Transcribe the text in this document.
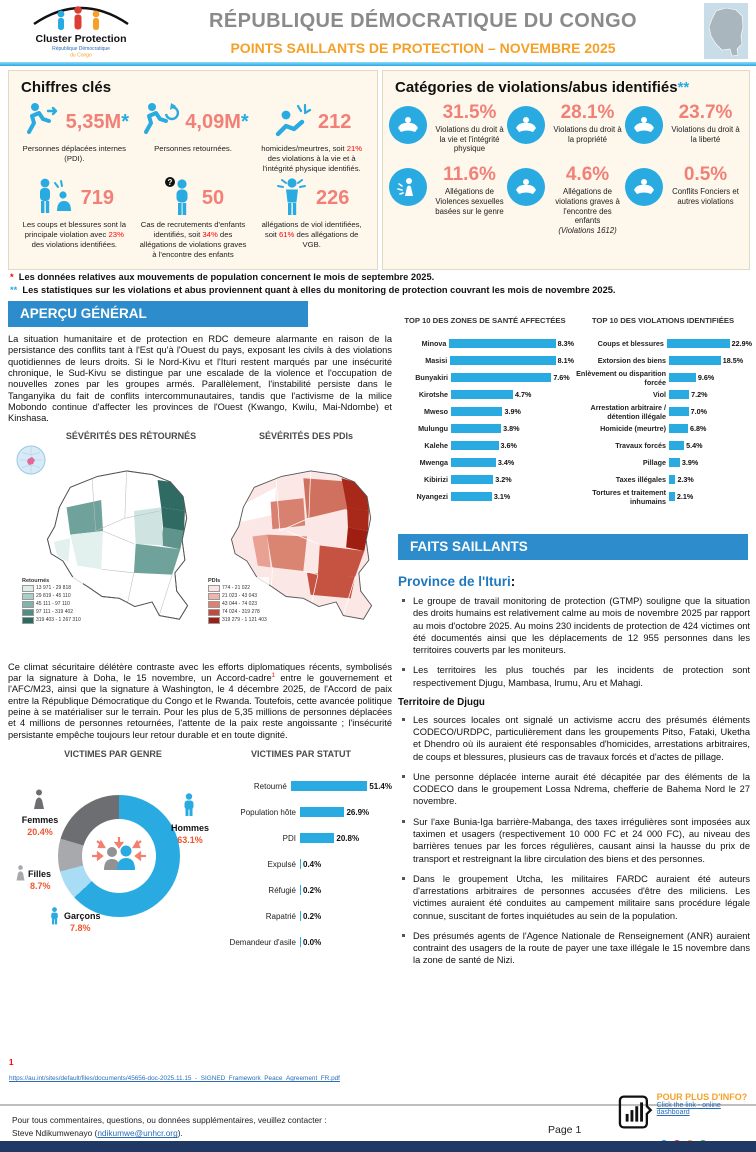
Cluster Protection
République Démocratique
du Congo
RÉPUBLIQUE DÉMOCRATIQUE DU CONGO
POINTS SAILLANTS DE PROTECTION – NOVEMBRE 2025
Chiffres clés
5,35M*
Personnes déplacées internes (PDI).
4,09M*
Personnes retournées.
212
homicides/meurtres, soit 21% des violations à la vie et à l'intégrité physique identifiés.
719
Les coups et blessures sont la principale violation avec 23% des violations identifiées.
?
50
Cas de recrutements d'enfants identifiés, soit 34% des allégations de violations graves à l'encontre des enfants
226
allégations de viol identifiées, soit 61% des allégations de VGB.
Catégories de violations/abus identifiés**
31.5%
Violations du droit à la vie et l'intégrité physique
28.1%
Violations du droit à la propriété
23.7%
Violations du droit à la liberté
11.6%
Allégations de Violences sexuelles basées sur le genre
4.6%
Allégations de violations graves à l'encontre des enfants
(Violations 1612)
0.5%
Conflits Fonciers et autres violations
* Les données relatives aux mouvements de population concernent le mois de septembre 2025.
** Les statistiques sur les violations et abus proviennent quant à elles du monitoring de protection couvrant les mois de novembre 2025.
APERÇU GÉNÉRAL
La situation humanitaire et de protection en RDC demeure alarmante en raison de la persistance des conflits tant à l'Est qu'à l'Ouest du pays, exposant les civils à des violations quotidiennes de leurs droits. Si le Nord-Kivu et l'Ituri restent marqués par une insécurité chronique, le Sud-Kivu se distingue par une escalade de la violence et l'occupation de nouvelles zones par les groupes armés. Parallèlement, l'instabilité persiste dans le Tanganyika du fait de conflits intercommunautaires, tandis que l'activisme de la milice Mobondo continue d'affecter les provinces de l'Ouest (Kwango, Kwilu, Mai-Ndombe) et Kinshasa.
SÉVÉRITÉS DES RÉTOURNÉS	SÉVÉRITÉS DES PDIs
Retournés
13 971 - 29 818
29 819 - 45 110
45 111 - 97 110
97 111 - 319 402
319 403 - 1 267 310
PDIs
774 - 21 022
21 023 - 43 043
43 044 - 74 023
74 024 - 319 278
319 279 - 1 121 403
Ce climat sécuritaire délétère contraste avec les efforts diplomatiques récents, symbolisés par la signature à Doha, le 15 novembre, un Accord-cadre$^1$ entre le gouvernement et l'AFC/M23, ainsi que la signature à Washington, le 4 décembre 2025, de l'Accord de paix entre la République Démocratique du Congo et le Rwanda. Toutefois, cette avancée politique peine à se matérialiser sur le terrain. Pour les plus de 5,35 millions de personnes déplacées et 4 millions de personnes retournées, l'attente de la paix reste angoissante ; l'insécurité persistante empêche toujours leur retour durable et en toute dignité.
VICTIMES PAR GENRE	VICTIMES PAR STATUT
Femmes
20.4%	Hommes
63.1%
Filles
8.7%
Garçons
7.8%
Retourné	51.4%
Population hôte	26.9%
PDI	20.8%
Expulsé 0.4%
Réfugié 0.2%
Rapatrié 0.2%
Demandeur d'asile 0.0%
TOP 10 DES ZONES DE SANTÉ AFFECTÉES
Minova	8.3%
Masisi	8.1%
Bunyakiri	7.6%
Kirotshe	4.7%
Mweso	3.9%
Mulungu	3.8%
Kalehe	3.6%
Mwenga	3.4%
Kibirizi	3.2%
Nyangezi	3.1%
TOP 10 DES VIOLATIONS IDENTIFIÉES
Coups et blessures	22.9%
Extorsion des biens	18.5%
Enlèvement ou disparition forcée	9.6%
Viol	7.2%
Arrestation arbitraire / détention illégale	7.0%
Homicide (meurtre)	6.8%
Travaux forcés	5.4%
Pillage	3.9%
Taxes illégales	2.3%
Tortures et traitement inhumains	2.1%
FAITS SAILLANTS
Province de l'Ituri:
Le groupe de travail monitoring de protection (GTMP) souligne que la situation des droits humains est relativement calme au mois de novembre 2025 par rapport au mois d'octobre 2025. Au moins 230 incidents de protection de 424 victimes ont été documentés ainsi que les déplacements de 12 955 personnes dans les territoires couverts par les moniteurs.
Les territoires les plus touchés par les incidents de protection sont respectivement Djugu, Mambasa, Irumu, Aru et Mahagi.
Territoire de Djugu
Les sources locales ont signalé un activisme accru des présumés éléments CODECO/URDPC, particulièrement dans les groupements Pitso, Fataki, Uketha et Dhendro où ils auraient été responsables d'homicides, arrestations arbitraires, de coups et blessures, plusieurs cas de travaux forcés et d'actes de pillage.
Une personne déplacée interne aurait été décapitée par des éléments de la CODECO dans le groupement Lossa Ndrema, chefferie de Bahema Nord le 27 novembre.
Sur l'axe Bunia-Iga barrière-Mabanga, des taxes irrégulières sont imposées aux taximen et usagers (respectivement 10 000 FC et 24 000 FC), au niveau des barrières tenues par les forces régulières, causant ainsi la hausse du prix de transport et restreignant la libre circulation des biens et des personnes.
Dans le groupement Utcha, les militaires FARDC auraient été auteurs d'arrestations arbitraires de personnes accusées d'être des miliciens. Les victimes auraient été conduites au campement militaire sans procédure légale connue, suscitant de fortes inquiétudes au sein de la population.
Des présumés agents de l'Agence Nationale de Renseignement (ANR) auraient contraint des usagers de la route de payer une taxe illégale le 15 novembre dans la zone de santé de Nizi.
1
https://au.int/sites/default/files/documents/45656-doc-2025.11.15_-_SIGNED_Framework_Peace_Agreement_FR.pdf
Pour tous commentaires, questions, ou données supplémentaires, veuillez contacter :
Steve Ndikumwenayo (ndikumwe@unhcr.org).	Page 1
POUR PLUS D'INFO?
Click the link - online dashboard
